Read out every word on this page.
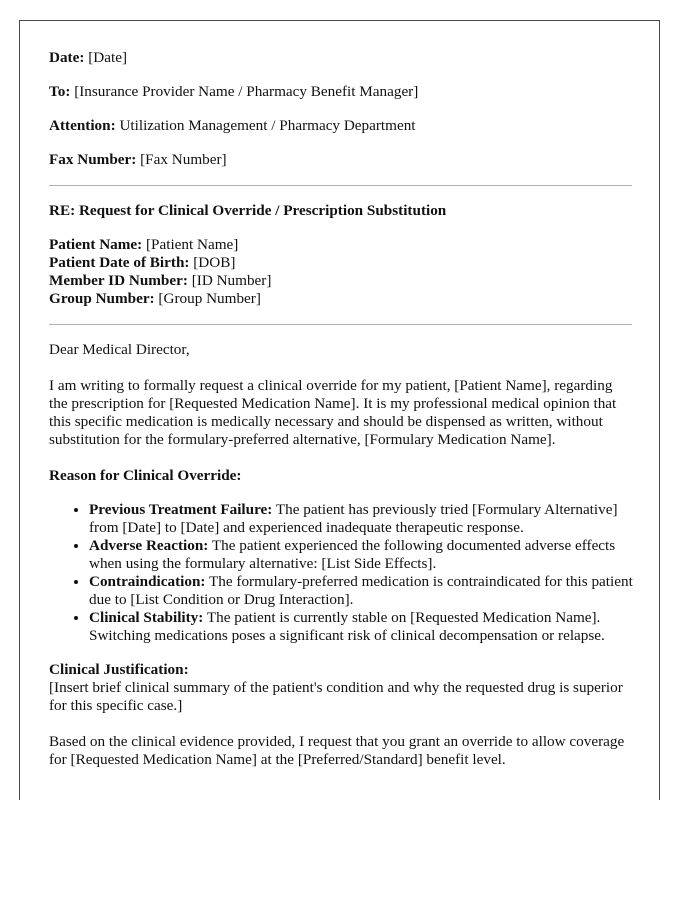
Date: [Date]

To: [Insurance Provider Name / Pharmacy Benefit Manager]

Attention: Utilization Management / Pharmacy Department

Fax Number: [Fax Number]

RE: Request for Clinical Override / Prescription Substitution

Patient Name: [Patient Name]

Patient Date of Birth: [DOB]

Member ID Number: [ID Number]

Group Number: [Group Number]

Dear Medical Director,

I am writing to formally request a clinical override for my patient, [Patient Name], regarding the prescription for [Requested Medication Name]. It is my professional medical opinion that this specific medication is medically necessary and should be dispensed as written, without substitution for the formulary-preferred alternative, [Formulary Medication Name].

Reason for Clinical Override:

• Previous Treatment Failure: The patient has previously tried [Formulary Alternative] from [Date] to [Date] and experienced inadequate therapeutic response.
• Adverse Reaction: The patient experienced the following documented adverse effects when using the formulary alternative: [List Side Effects].
• Contraindication: The formulary-preferred medication is contraindicated for this patient due to [List Condition or Drug Interaction].
• Clinical Stability: The patient is currently stable on [Requested Medication Name]. Switching medications poses a significant risk of clinical decompensation or relapse.

Clinical Justification:

[Insert brief clinical summary of the patient's condition and why the requested drug is superior for this specific case.]

Based on the clinical evidence provided, I request that you grant an override to allow coverage for [Requested Medication Name] at the [Preferred/Standard] benefit level.
